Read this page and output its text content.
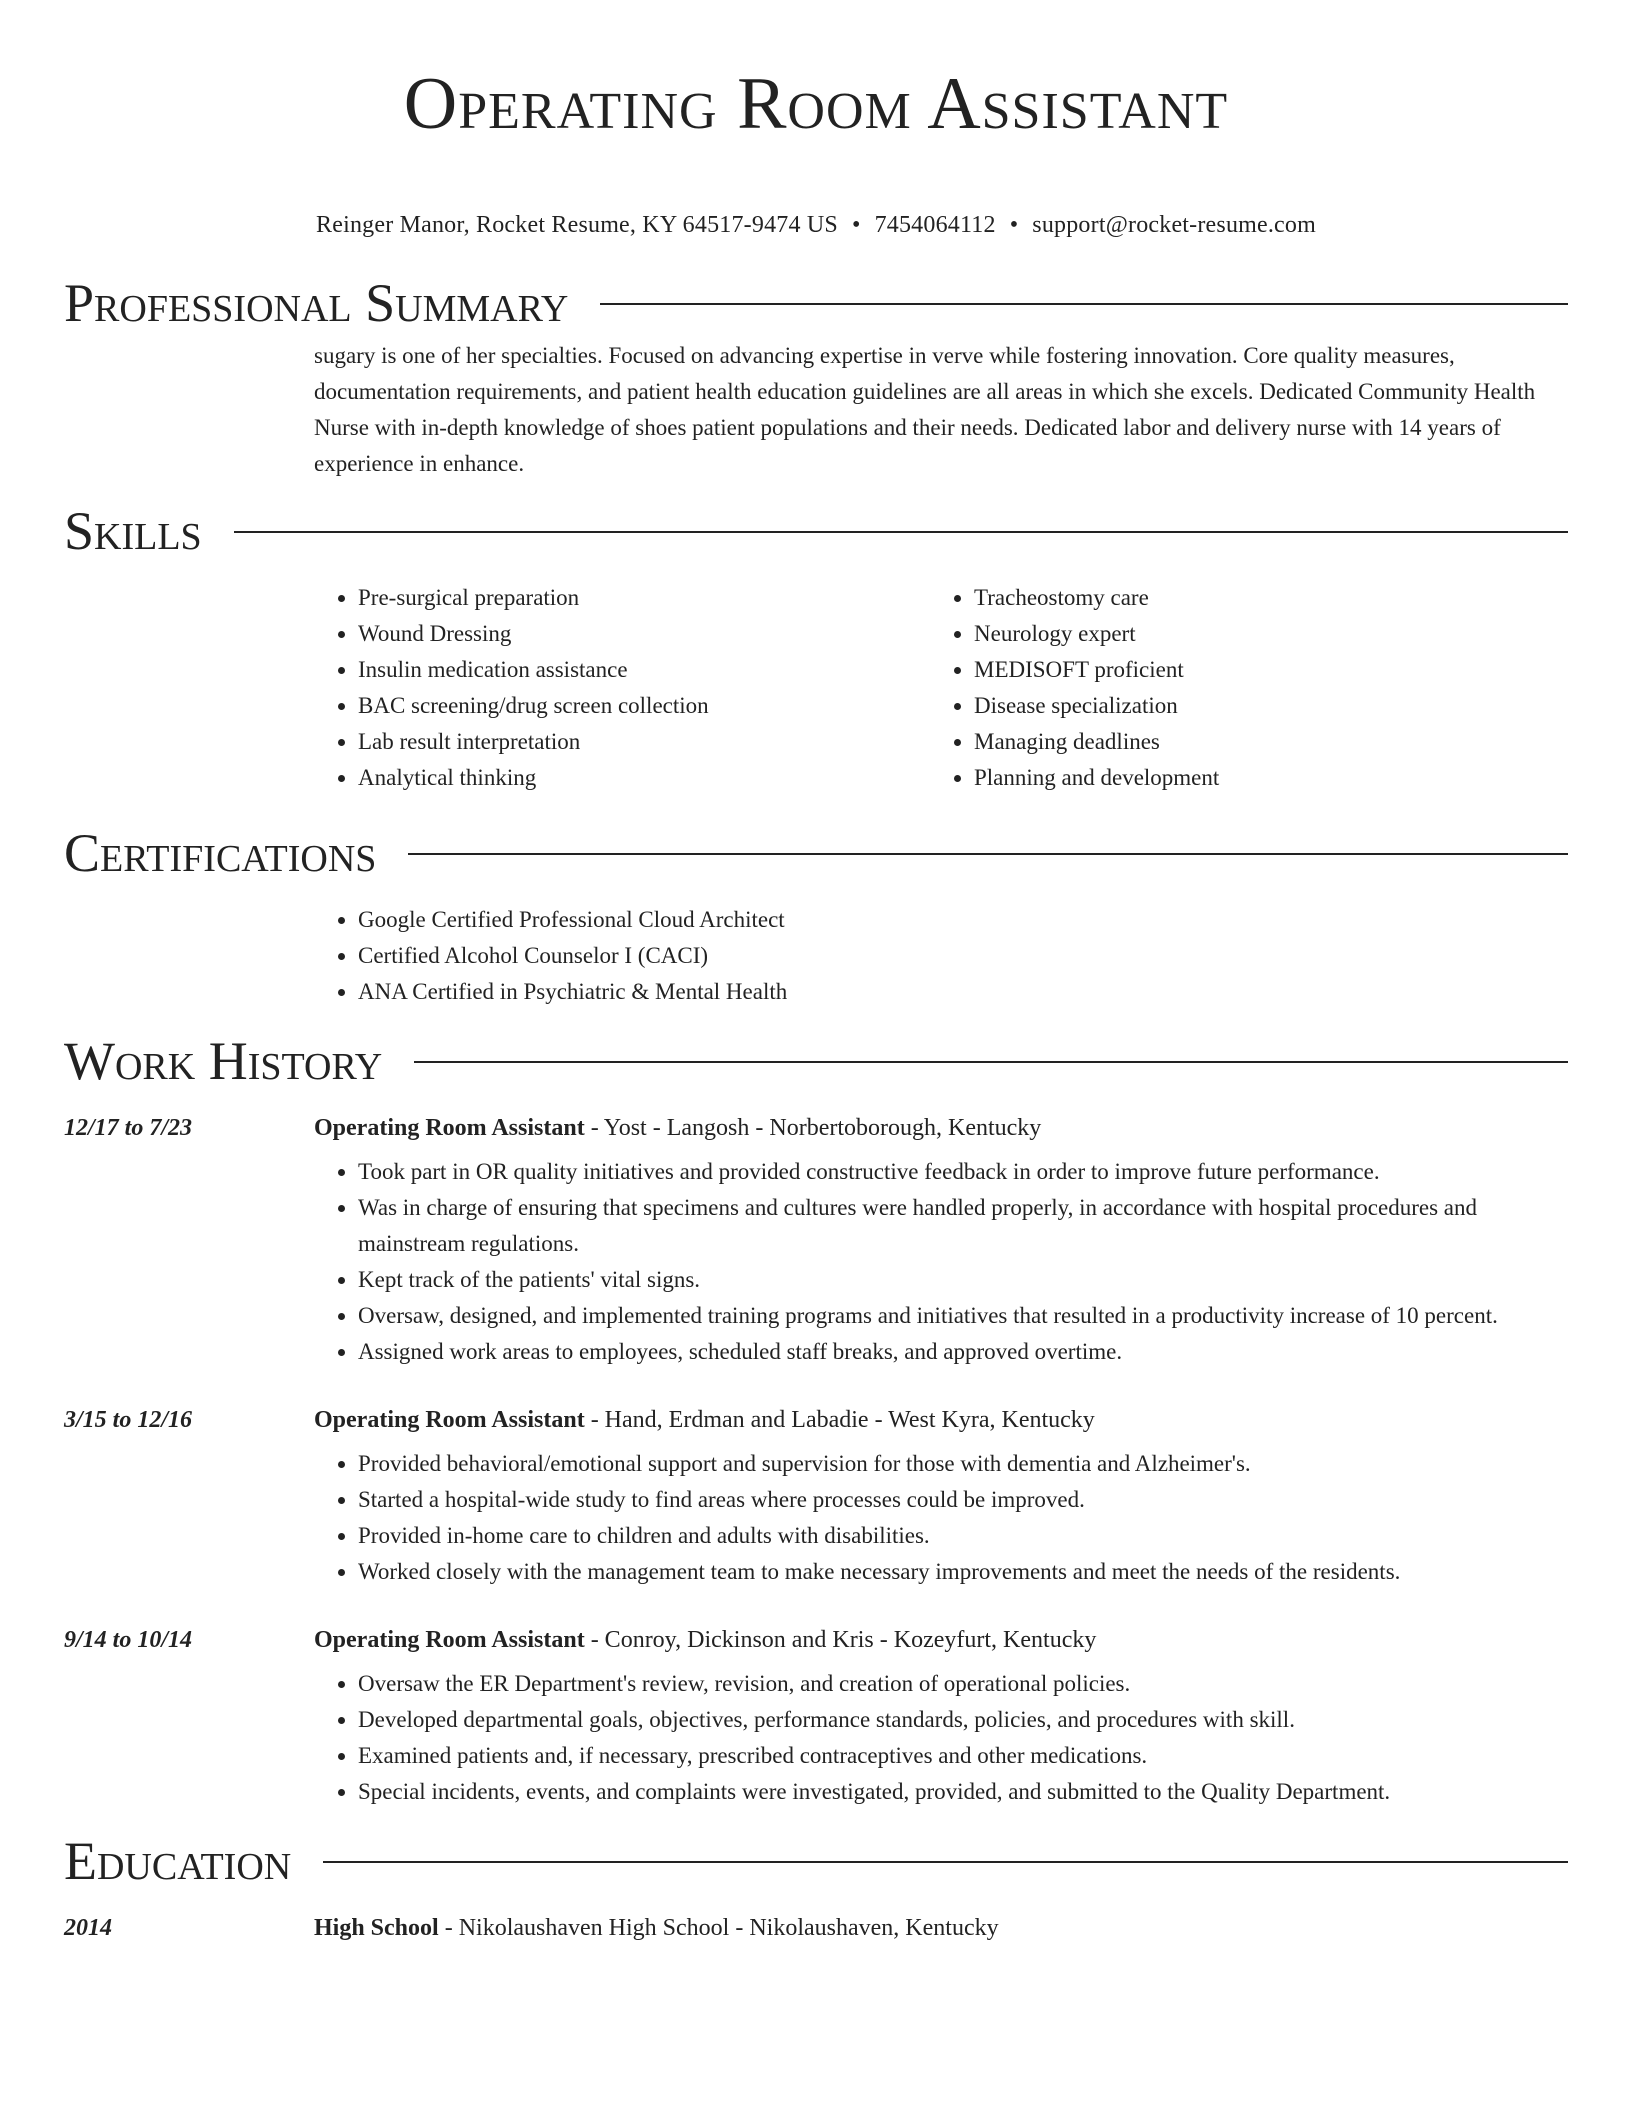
Operating Room Assistant
Reinger Manor, Rocket Resume, KY 64517-9474 US • 7454064112 • support@rocket-resume.com
Professional Summary

sugary is one of her specialties. Focused on advancing expertise in verve while fostering innovation. Core quality measures, documentation requirements, and patient health education guidelines are all areas in which she excels. Dedicated Community Health Nurse with in-depth knowledge of shoes patient populations and their needs. Dedicated labor and delivery nurse with 14 years of experience in enhance.

Skills
• Pre-surgical preparation
• Wound Dressing
• Insulin medication assistance
• BAC screening/drug screen collection
• Lab result interpretation
• Analytical thinking
• Tracheostomy care
• Neurology expert
• MEDISOFT proficient
• Disease specialization
• Managing deadlines
• Planning and development
Certifications
• Google Certified Professional Cloud Architect
• Certified Alcohol Counselor I (CACI)
• ANA Certified in Psychiatric & Mental Health
Work History
12/17 to 7/23	Operating Room Assistant - Yost - Langosh - Norbertoborough, Kentucky
• Took part in OR quality initiatives and provided constructive feedback in order to improve future performance.
• Was in charge of ensuring that specimens and cultures were handled properly, in accordance with hospital procedures and mainstream regulations.
• Kept track of the patients' vital signs.
• Oversaw, designed, and implemented training programs and initiatives that resulted in a productivity increase of 10 percent.
• Assigned work areas to employees, scheduled staff breaks, and approved overtime.
3/15 to 12/16	Operating Room Assistant - Hand, Erdman and Labadie - West Kyra, Kentucky
• Provided behavioral/emotional support and supervision for those with dementia and Alzheimer's.
• Started a hospital-wide study to find areas where processes could be improved.
• Provided in-home care to children and adults with disabilities.
• Worked closely with the management team to make necessary improvements and meet the needs of the residents.
9/14 to 10/14	Operating Room Assistant - Conroy, Dickinson and Kris - Kozeyfurt, Kentucky
• Oversaw the ER Department's review, revision, and creation of operational policies.
• Developed departmental goals, objectives, performance standards, policies, and procedures with skill.
• Examined patients and, if necessary, prescribed contraceptives and other medications.
• Special incidents, events, and complaints were investigated, provided, and submitted to the Quality Department.
Education
2014	High School - Nikolaushaven High School - Nikolaushaven, Kentucky
